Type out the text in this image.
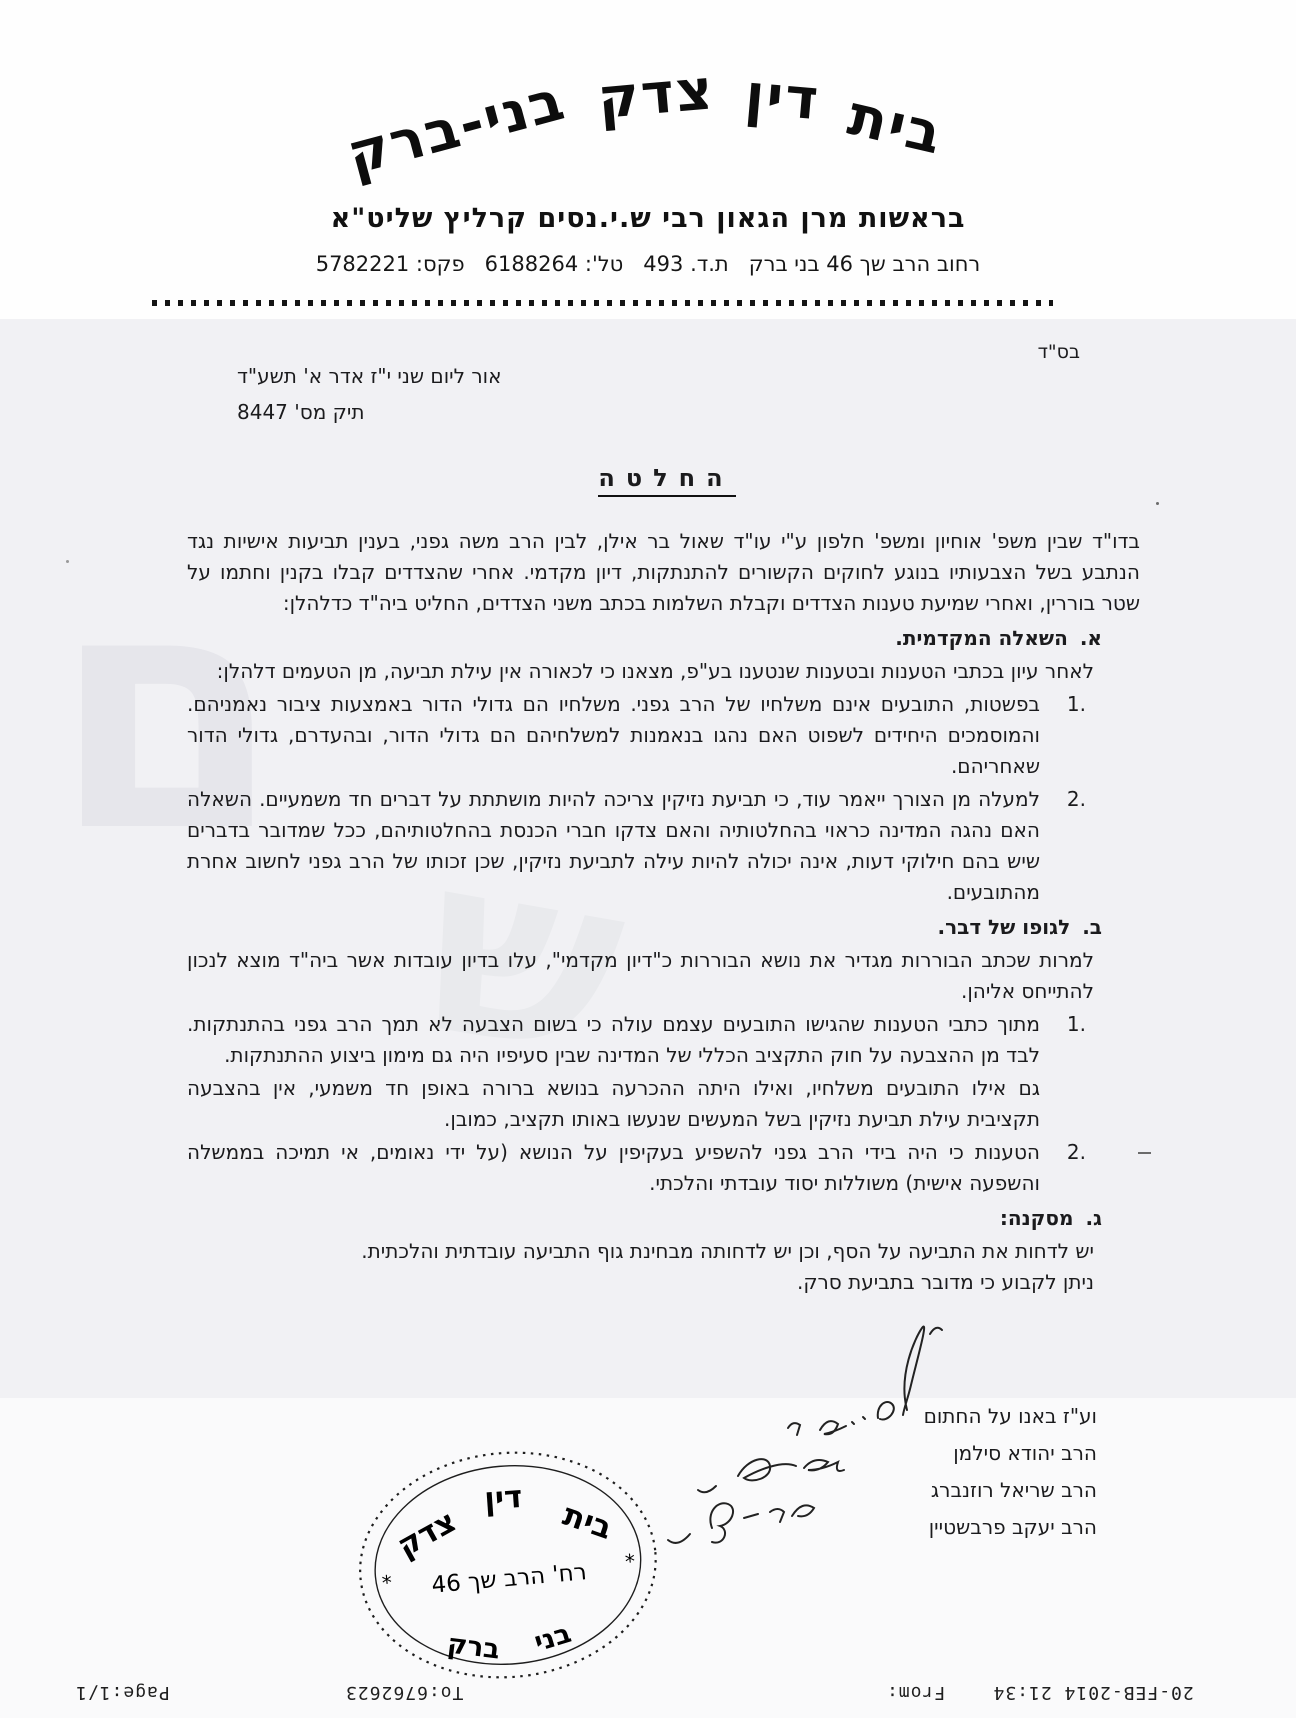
בית
דין
צדק
בני-ברק
בראשות מרן הגאון רבי ש.י.נסים קרליץ שליט"א
רחוב הרב שך 46 בני ברק   ת.ד. 493   טל': 6188264   פקס: 5782221
בס"ד
אור ליום שני י"ז אדר א' תשע"ד
תיק מס' 8447
החלטה

בדו"ד שבין משפ' אוחיון ומשפ' חלפון ע"י עו"ד שאול בר אילן, לבין הרב משה גפני, בענין תביעות אישיות נגד הנתבע בשל הצבעותיו בנוגע לחוקים הקשורים להתנתקות, דיון מקדמי. אחרי שהצדדים קבלו בקנין וחתמו על שטר בוררין, ואחרי שמיעת טענות הצדדים וקבלת השלמות בכתב משני הצדדים, החליט ביה"ד כדלהלן:

א.
השאלה המקדמית.

לאחר עיון בכתבי הטענות ובטענות שנטענו בע"פ, מצאנו כי לכאורה אין עילת תביעה, מן הטעמים דלהלן:

1.
בפשטות, התובעים אינם משלחיו של הרב גפני. משלחיו הם גדולי הדור באמצעות ציבור נאמניהם. והמוסמכים היחידים לשפוט האם נהגו בנאמנות למשלחיהם הם גדולי הדור, ובהעדרם, גדולי הדור שאחריהם.
2.
למעלה מן הצורך ייאמר עוד, כי תביעת נזיקין צריכה להיות מושתתת על דברים חד משמעיים. השאלה האם נהגה המדינה כראוי בהחלטותיה והאם צדקו חברי הכנסת בהחלטותיהם, ככל שמדובר בדברים שיש בהם חילוקי דעות, אינה יכולה להיות עילה לתביעת נזיקין, שכן זכותו של הרב גפני לחשוב אחרת מהתובעים.
ב.
לגופו של דבר.

למרות שכתב הבוררות מגדיר את נושא הבוררות כ"דיון מקדמי", עלו בדיון עובדות אשר ביה"ד מוצא לנכון להתייחס אליהן.

1.
מתוך כתבי הטענות שהגישו התובעים עצמם עולה כי בשום הצבעה לא תמך הרב גפני בהתנתקות. לבד מן ההצבעה על חוק התקציב הכללי של המדינה שבין סעיפיו היה גם מימון ביצוע ההתנתקות.
גם אילו התובעים משלחיו, ואילו היתה ההכרעה בנושא ברורה באופן חד משמעי, אין בהצבעה תקציבית עילת תביעת נזיקין בשל המעשים שנעשו באותו תקציב, כמובן.
2.
הטענות כי היה בידי הרב גפני להשפיע בעקיפין על הנושא (על ידי נאומים, אי תמיכה בממשלה והשפעה אישית) משוללות יסוד עובדתי והלכתי.
ג.
מסקנה:

יש לדחות את התביעה על הסף, וכן יש לדחותה מבחינת גוף התביעה עובדתית והלכתית.

ניתן לקבוע כי מדובר בתביעת סרק.

וע"ז באנו על החתום
הרב יהודא סילמן
הרב שריאל רוזנברג
הרב יעקב פרבשטיין
בית
דין
צדק
*
*
רח' הרב שך 46
בני
ברק
Page:1/1	To:6762623	20-FEB-2014 21:34    From:
